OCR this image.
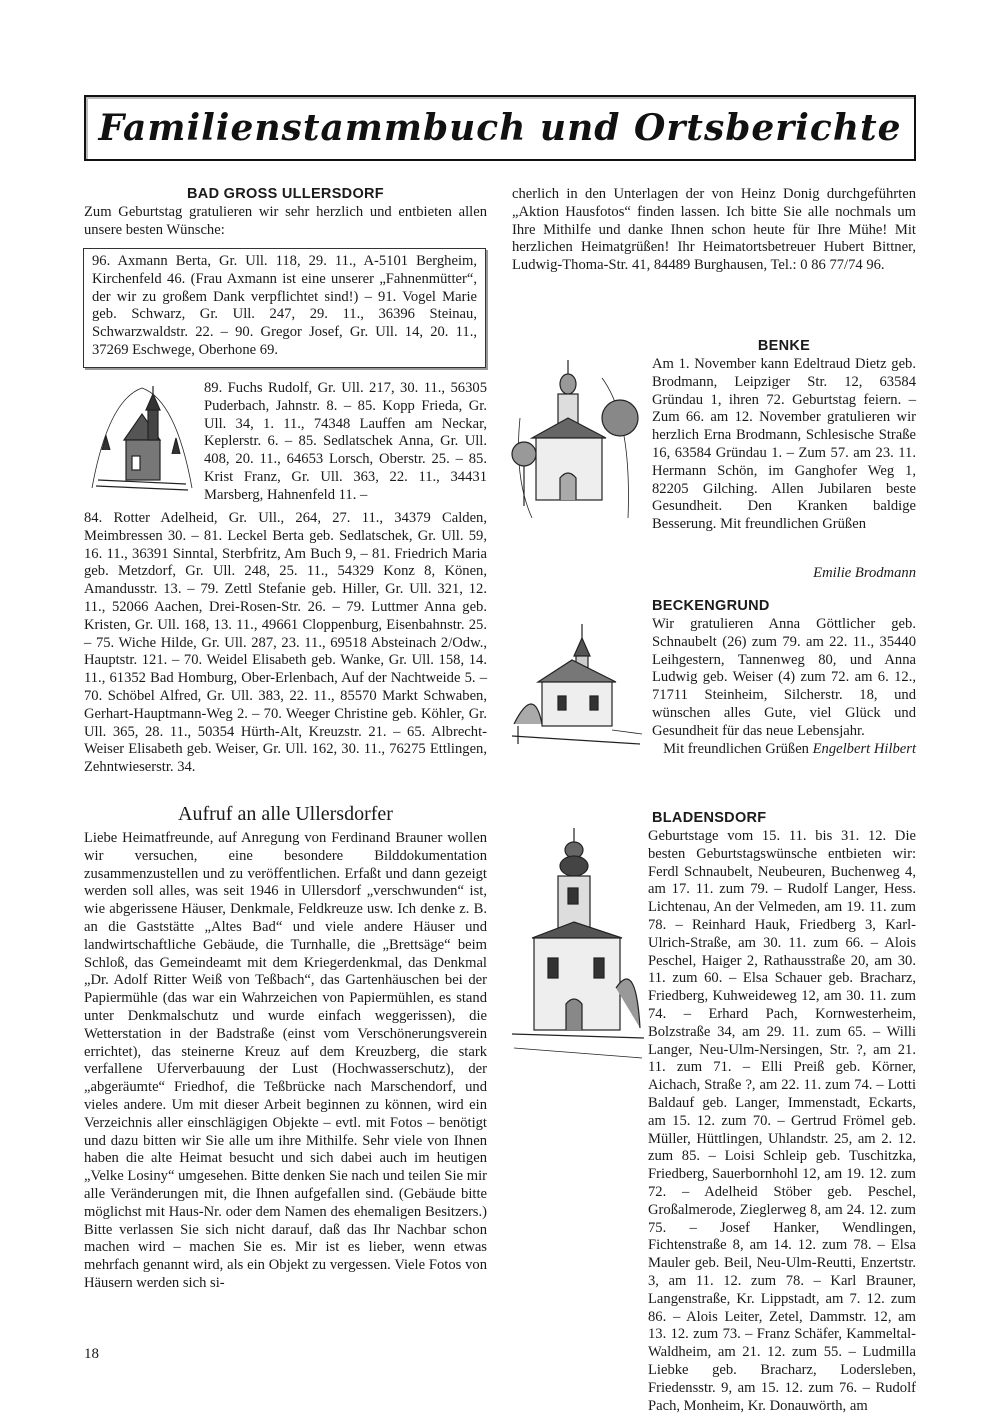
Familienstammbuch und Ortsberichte
BAD GROSS ULLERSDORF
Zum Geburtstag gratulieren wir sehr herzlich und entbieten allen unsere besten Wünsche:

96. Axmann Berta, Gr. Ull. 118, 29. 11., A-5101 Bergheim, Kirchenfeld 46. (Frau Axmann ist eine unserer „Fahnenmütter“, der wir zu großem Dank verpflichtet sind!) – 91. Vogel Marie geb. Schwarz, Gr. Ull. 247, 29. 11., 36396 Steinau, Schwarzwaldstr. 22. – 90. Gregor Josef, Gr. Ull. 14, 20. 11., 37269 Eschwege, Oberhone 69.

89. Fuchs Rudolf, Gr. Ull. 217, 30. 11., 56305 Puderbach, Jahnstr. 8. – 85. Kopp Frieda, Gr. Ull. 34, 1. 11., 74348 Lauffen am Neckar, Keplerstr. 6. – 85. Sedlatschek Anna, Gr. Ull. 408, 20. 11., 64653 Lorsch, Oberstr. 25. – 85. Krist Franz, Gr. Ull. 363, 22. 11., 34431 Marsberg, Hahnenfeld 11. –
84. Rotter Adelheid, Gr. Ull., 264, 27. 11., 34379 Calden, Meimbressen 30. – 81. Leckel Berta geb. Sedlatschek, Gr. Ull. 59, 16. 11., 36391 Sinntal, Sterbfritz, Am Buch 9, – 81. Friedrich Maria geb. Metzdorf, Gr. Ull. 248, 25. 11., 54329 Konz 8, Könen, Amandusstr. 13. – 79. Zettl Stefanie geb. Hiller, Gr. Ull. 321, 12. 11., 52066 Aachen, Drei-Rosen-Str. 26. – 79. Luttmer Anna geb. Kristen, Gr. Ull. 168, 13. 11., 49661 Cloppenburg, Eisenbahnstr. 25. – 75. Wiche Hilde, Gr. Ull. 287, 23. 11., 69518 Absteinach 2/Odw., Hauptstr. 121. – 70. Weidel Elisabeth geb. Wanke, Gr. Ull. 158, 14. 11., 61352 Bad Homburg, Ober-Erlenbach, Auf der Nachtweide 5. – 70. Schöbel Alfred, Gr. Ull. 383, 22. 11., 85570 Markt Schwaben, Gerhart-Hauptmann-Weg 2. – 70. Weeger Christine geb. Köhler, Gr. Ull. 365, 28. 11., 50354 Hürth-Alt, Kreuzstr. 21. – 65. Albrecht-Weiser Elisabeth geb. Weiser, Gr. Ull. 162, 30. 11., 76275 Ettlingen, Zehntwieserstr. 34.
Aufruf an alle Ullersdorfer
Liebe Heimatfreunde, auf Anregung von Ferdinand Brauner wollen wir versuchen, eine besondere Bilddokumentation zusammenzustellen und zu veröffentlichen. Erfaßt und dann gezeigt werden soll alles, was seit 1946 in Ullersdorf „verschwunden“ ist, wie abgerissene Häuser, Denkmale, Feldkreuze usw. Ich denke z. B. an die Gaststätte „Altes Bad“ und viele andere Häuser und landwirtschaftliche Gebäude, die Turnhalle, die „Brettsäge“ beim Schloß, das Gemeindeamt mit dem Kriegerdenkmal, das Denkmal „Dr. Adolf Ritter Weiß von Teßbach“, das Gartenhäuschen bei der Papiermühle (das war ein Wahrzeichen von Papiermühlen, es stand unter Denkmalschutz und wurde einfach weggerissen), die Wetterstation in der Badstraße (einst vom Verschönerungsverein errichtet), das steinerne Kreuz auf dem Kreuzberg, die stark verfallene Uferverbauung der Lust (Hochwasserschutz), der „abgeräumte“ Friedhof, die Teßbrücke nach Marschendorf, und vieles andere. Um mit dieser Arbeit beginnen zu können, wird ein Verzeichnis aller einschlägigen Objekte – evtl. mit Fotos – benötigt und dazu bitten wir Sie alle um ihre Mithilfe. Sehr viele von Ihnen haben die alte Heimat besucht und sich dabei auch im heutigen „Velke Losiny“ umgesehen. Bitte denken Sie nach und teilen Sie mir alle Veränderungen mit, die Ihnen aufgefallen sind. (Gebäude bitte möglichst mit Haus-Nr. oder dem Namen des ehemaligen Besitzers.) Bitte verlassen Sie sich nicht darauf, daß das Ihr Nachbar schon machen wird – machen Sie es. Mir ist es lieber, wenn etwas mehrfach genannt wird, als ein Objekt zu vergessen. Viele Fotos von Häusern werden sich si-
cherlich in den Unterlagen der von Heinz Donig durchgeführten „Aktion Hausfotos“ finden lassen. Ich bitte Sie alle nochmals um Ihre Mithilfe und danke Ihnen schon heute für Ihre Mühe! Mit herzlichen Heimatgrüßen! Ihr Heimatortsbetreuer Hubert Bittner, Ludwig-Thoma-Str. 41, 84489 Burghausen, Tel.: 0 86 77/74 96.
BENKE
Am 1. November kann Edeltraud Dietz geb. Brodmann, Leipziger Str. 12, 63584 Gründau 1, ihren 72. Geburtstag feiern. – Zum 66. am 12. November gratulieren wir herzlich Erna Brodmann, Schlesische Straße 16, 63584 Gründau 1. – Zum 57. am 23. 11. Hermann Schön, im Ganghofer Weg 1, 82205 Gilching. Allen Jubilaren beste Gesundheit. Den Kranken baldige Besserung. Mit freundlichen Grüßen
Emilie Brodmann
BECKENGRUND
Wir gratulieren Anna Göttlicher geb. Schnaubelt (26) zum 79. am 22. 11., 35440 Leihgestern, Tannenweg 80, und Anna Ludwig geb. Weiser (4) zum 72. am 6. 12., 71711 Steinheim, Silcherstr. 18, und wünschen alles Gute, viel Glück und Gesundheit für das neue Lebensjahr.
Mit freundlichen Grüßen Engelbert Hilbert
BLADENSDORF
Geburtstage vom 15. 11. bis 31. 12. Die besten Geburtstagswünsche entbieten wir: Ferdl Schnaubelt, Neubeuren, Buchenweg 4, am 17. 11. zum 79. – Rudolf Langer, Hess. Lichtenau, An der Velmeden, am 19. 11. zum 78. – Reinhard Hauk, Friedberg 3, Karl-Ulrich-Straße, am 30. 11. zum 66. – Alois Peschel, Haiger 2, Rathausstraße 20, am 30. 11. zum 60. – Elsa Schauer geb. Bracharz, Friedberg, Kuhweideweg 12, am 30. 11. zum 74. – Erhard Pach, Kornwesterheim, Bolzstraße 34, am 29. 11. zum 65. – Willi Langer, Neu-Ulm-Nersingen, Str. ?, am 21. 11. zum 71. – Elli Preiß geb. Körner, Aichach, Straße ?, am 22. 11. zum 74. – Lotti Baldauf geb. Langer, Immenstadt, Eckarts, am 15. 12. zum 70. – Gertrud Frömel geb. Müller, Hüttlingen, Uhlandstr. 25, am 2. 12. zum 85. – Loisi Schleip geb. Tuschitzka, Friedberg, Sauerbornhohl 12, am 19. 12. zum 72. – Adelheid Stöber geb. Peschel, Großalmerode, Zieglerweg 8, am 24. 12. zum 75. – Josef Hanker, Wendlingen, Fichtenstraße 8, am 14. 12. zum 78. – Elsa Mauler geb. Beil, Neu-Ulm-Reutti, Enzertstr. 3, am 11. 12. zum 78. – Karl Brauner, Langenstraße, Kr. Lippstadt, am 7. 12. zum 86. – Alois Leiter, Zetel, Dammstr. 12, am 13. 12. zum 73. – Franz Schäfer, Kammeltal-Waldheim, am 21. 12. zum 55. – Ludmilla Liebke geb. Bracharz, Lodersleben, Friedensstr. 9, am 15. 12. zum 76. – Rudolf Pach, Monheim, Kr. Donauwörth, am
18
